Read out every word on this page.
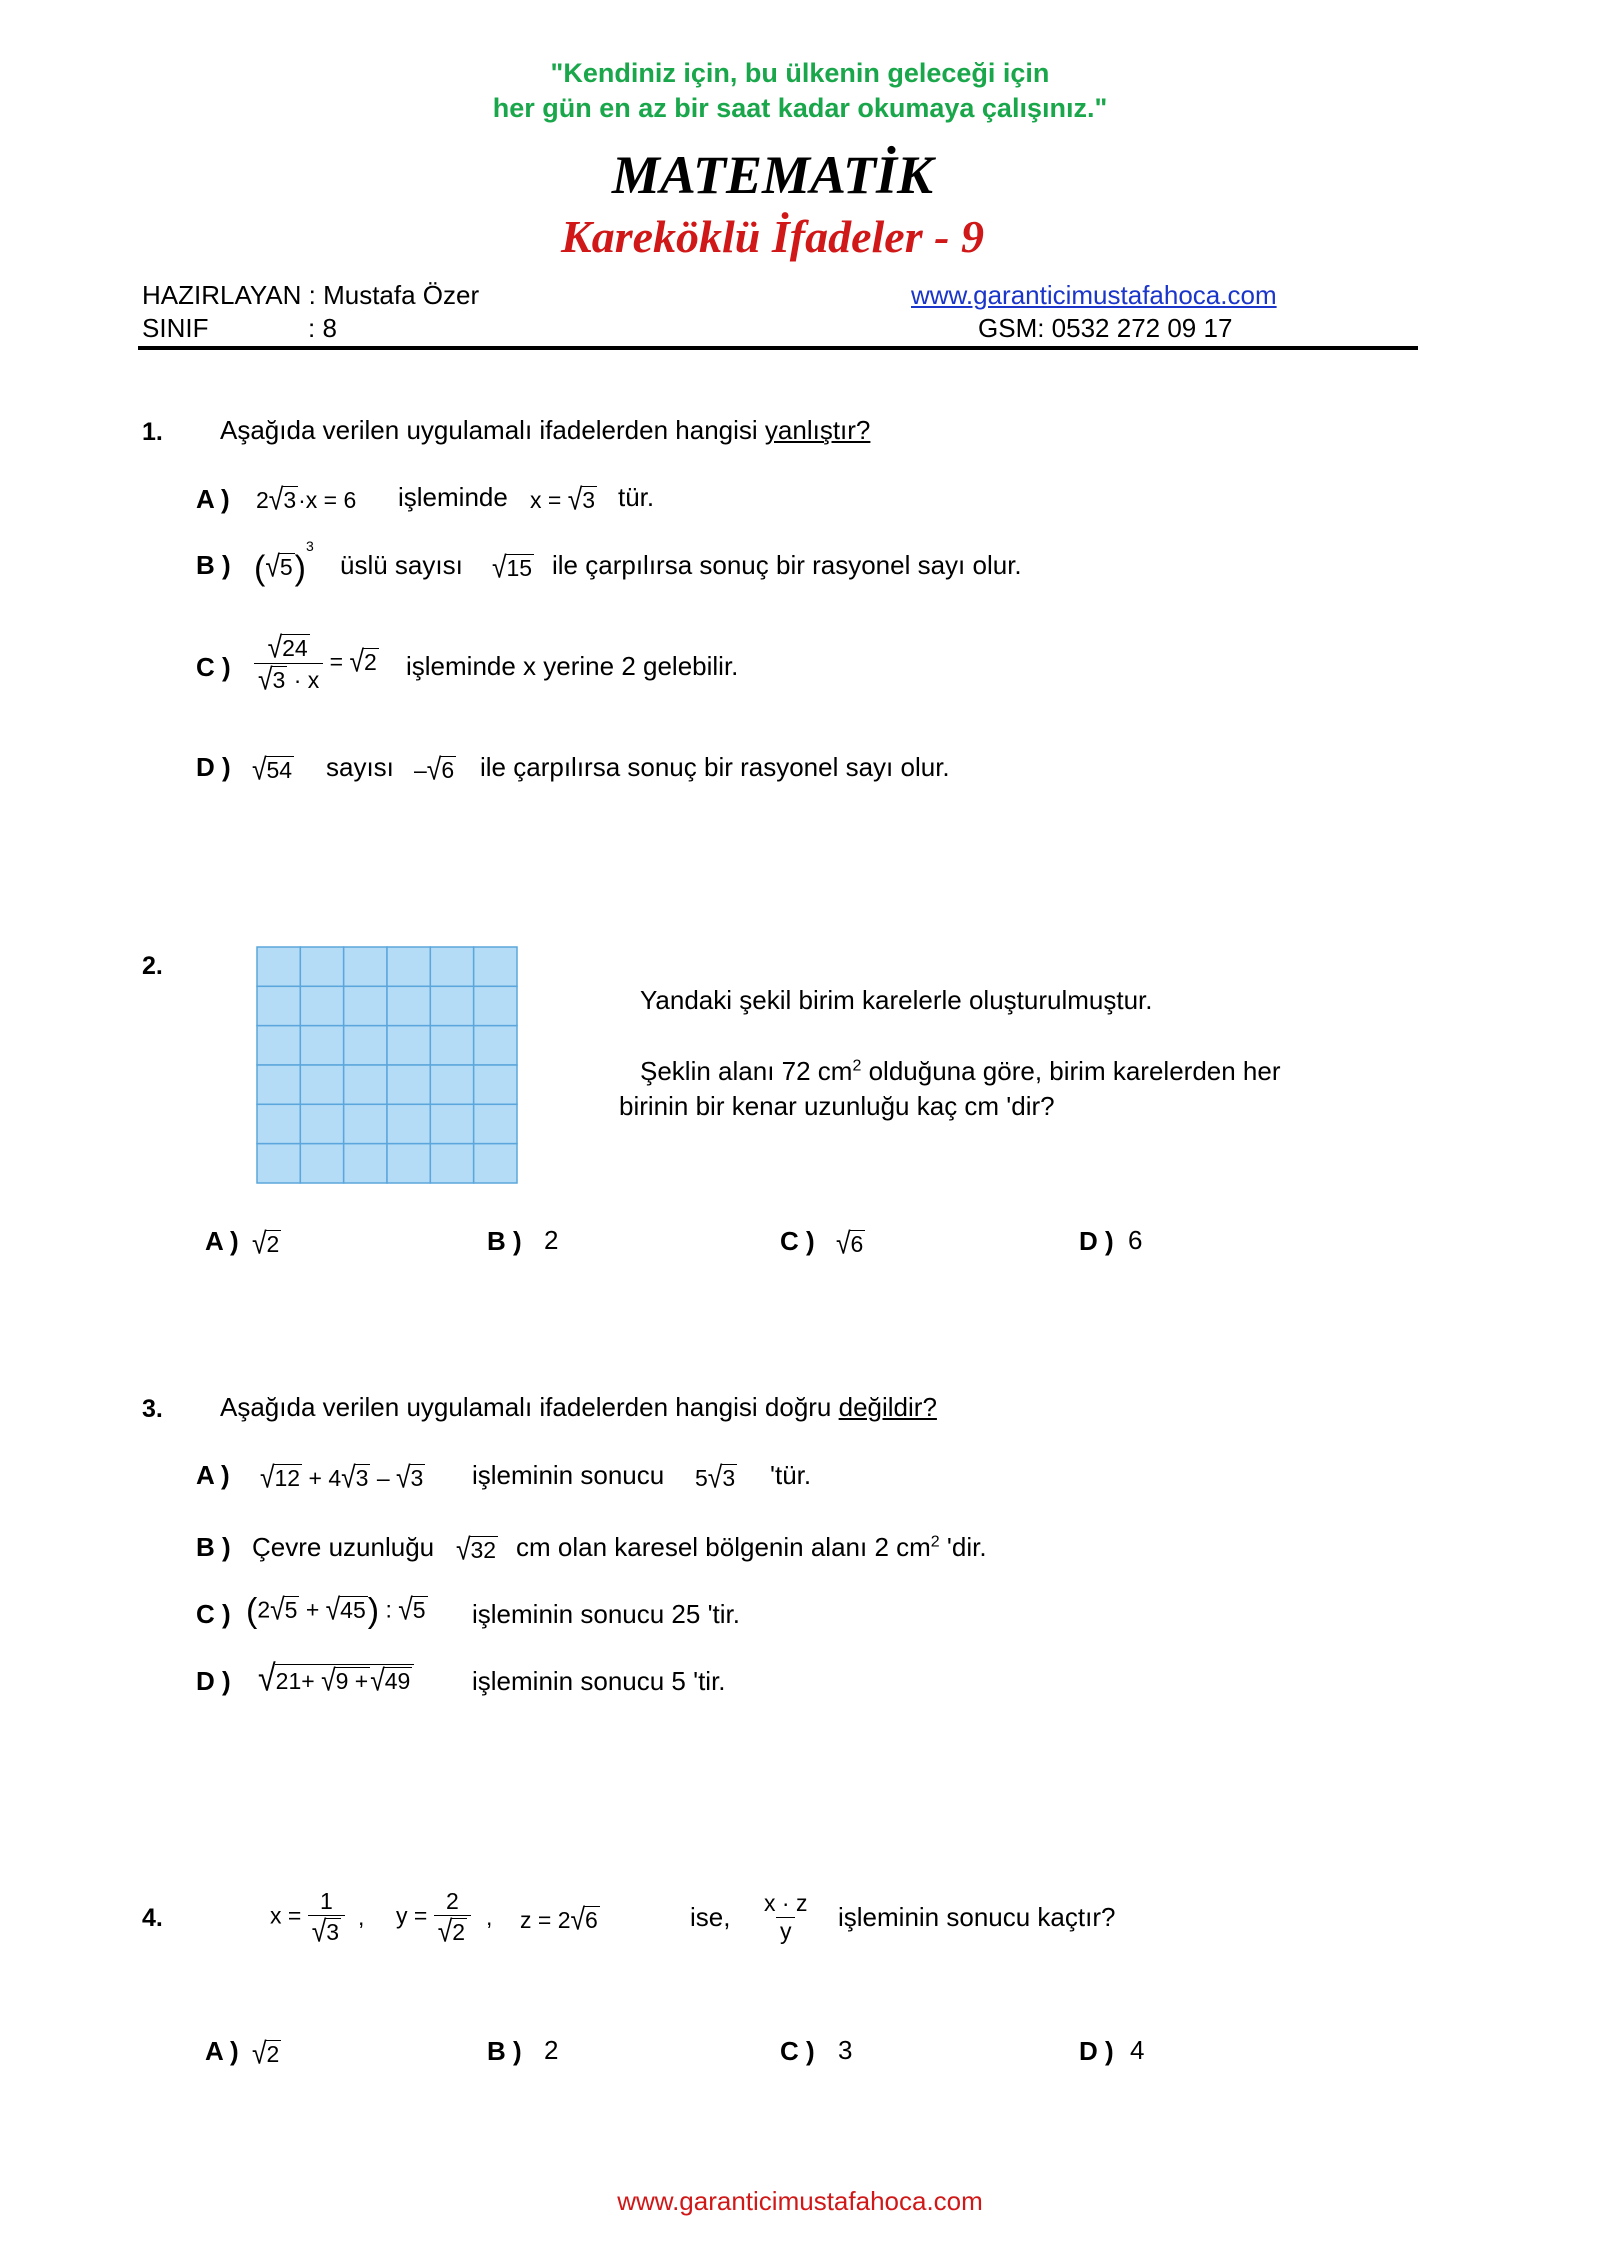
"Kendiniz için, bu ülkenin geleceği için
her gün en az bir saat kadar okumaya çalışınız."
MATEMATİK
Kareköklü İfadeler - 9
HAZIRLAYAN : Mustafa Özer	www.garanticimustafahoca.com
SINIF	: 8	GSM: 0532 272 09 17
1. Aşağıda verilen uygulamalı ifadelerden hangisi yanlıştır?
A ) 2√3·x = 6 işleminde x = √3 tür.
B ) $(√5)^3$
üslü sayısı √15 ile çarpılırsa sonuç bir rasyonel sayı olur.
C ) $\frac{√24}{√3 \cdot x} = √2$ işleminde x yerine 2 gelebilir.
D ) √54 sayısı –√6 ile çarpılırsa sonuç bir rasyonel sayı olur.
2.
Yandaki şekil birim karelerle oluşturulmuştur.
Şeklin alanı 72 $cm^2$ olduğuna göre, birim karelerden her
birinin bir kenar uzunluğu kaç cm 'dir?
A ) √2	B ) 2	C ) √6	D ) 6
3. Aşağıda verilen uygulamalı ifadelerden hangisi doğru değildir?
A ) √12 + 4√3 – √3 işleminin sonucu 5√3 'tür.
B ) Çevre uzunluğu √32 cm olan karesel bölgenin alanı 2 $cm^2$ 'dir.
C ) (2√5 + √45) : √5 işleminin sonucu 25 'tir.
D ) √21+ √9 +√49 işleminin sonucu 5 'tir.
4.	$x = \frac{1}{√3}$ , $y = \frac{2}{√2}$ , z = 2√6	ise, $\frac{x \cdot z}{y}$ işleminin sonucu kaçtır?
A ) √2	B ) 2	C ) 3	D ) 4
www.garanticimustafahoca.com
